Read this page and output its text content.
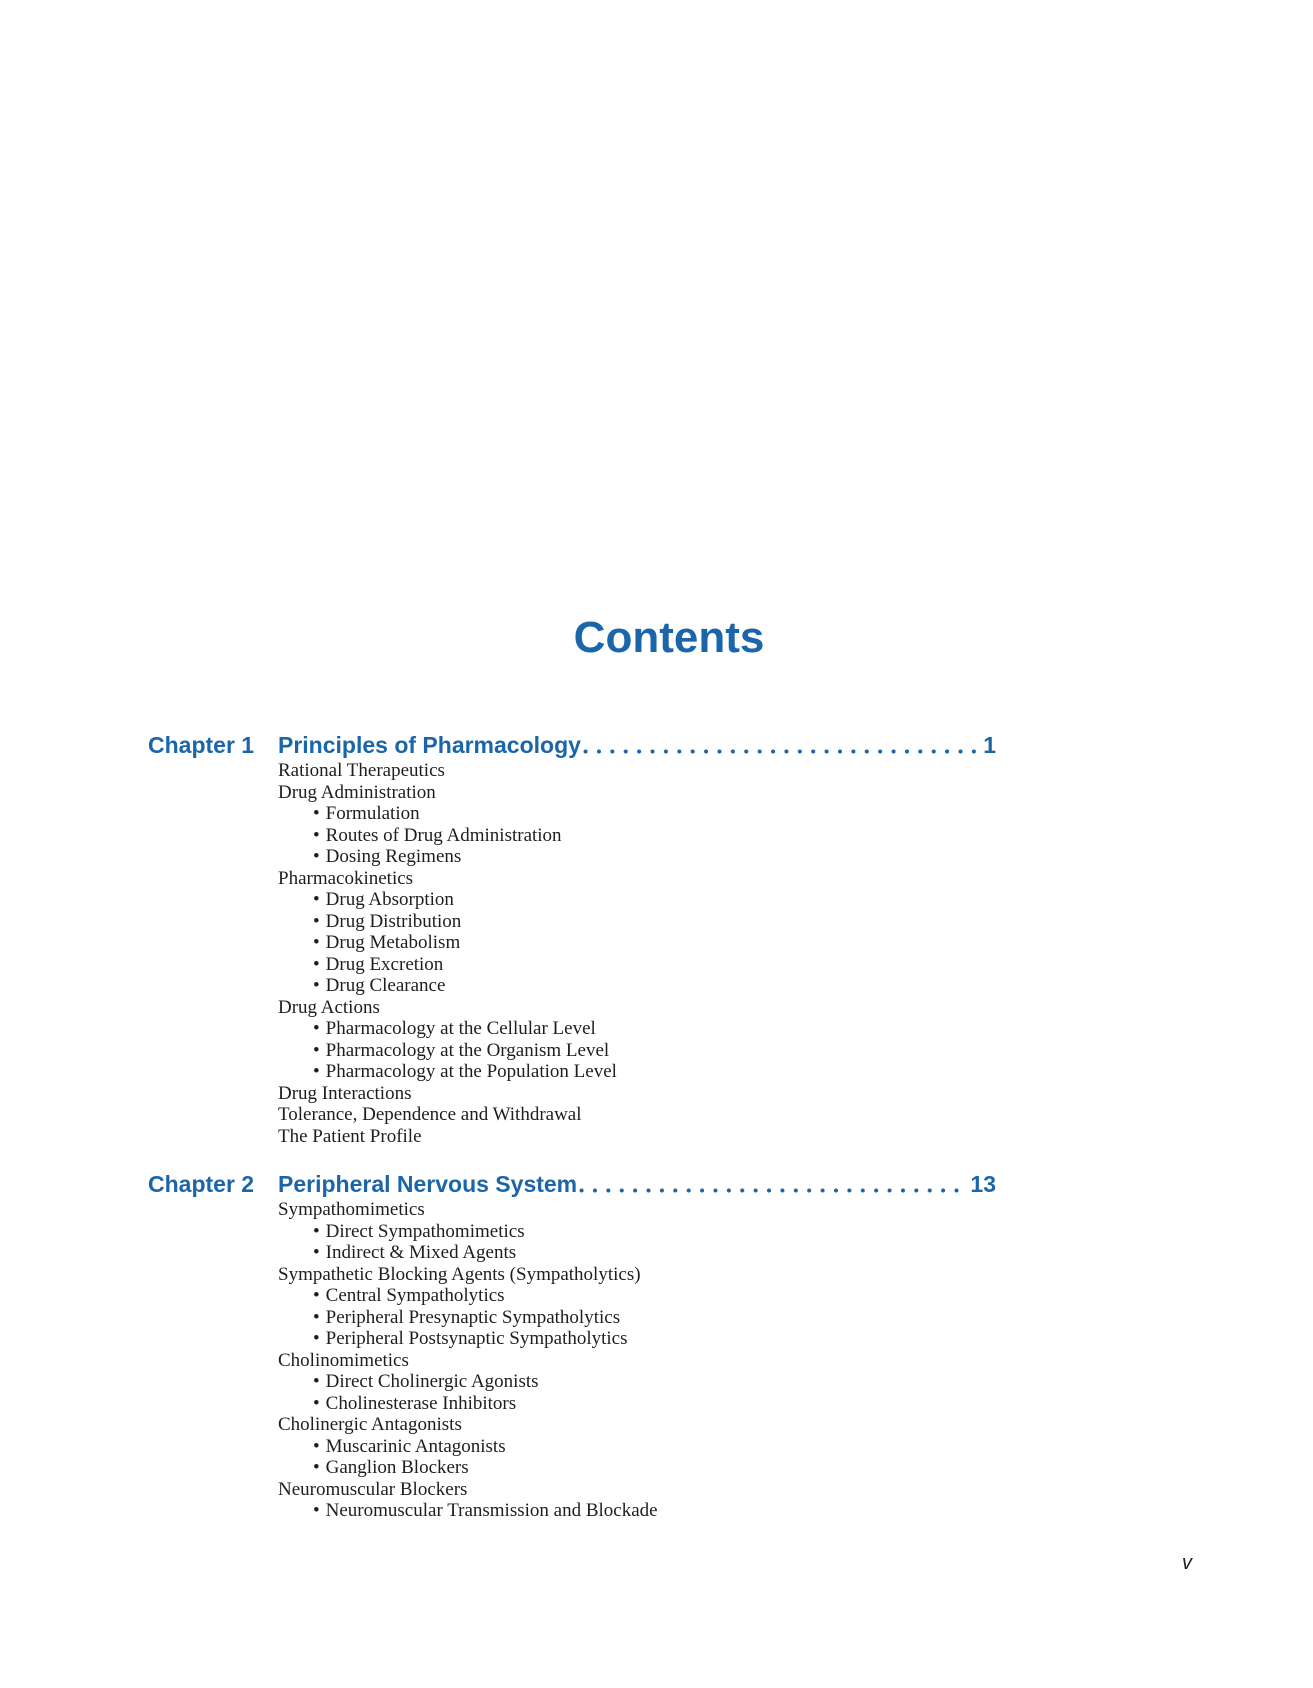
Contents
Chapter 1	Principles of Pharmacology	1
Rational Therapeutics
Drug Administration
• Formulation
• Routes of Drug Administration
• Dosing Regimens
Pharmacokinetics
• Drug Absorption
• Drug Distribution
• Drug Metabolism
• Drug Excretion
• Drug Clearance
Drug Actions
• Pharmacology at the Cellular Level
• Pharmacology at the Organism Level
• Pharmacology at the Population Level
Drug Interactions
Tolerance, Dependence and Withdrawal
The Patient Profile
Chapter 2	Peripheral Nervous System	13
Sympathomimetics
• Direct Sympathomimetics
• Indirect & Mixed Agents
Sympathetic Blocking Agents (Sympatholytics)
• Central Sympatholytics
• Peripheral Presynaptic Sympatholytics
• Peripheral Postsynaptic Sympatholytics
Cholinomimetics
• Direct Cholinergic Agonists
• Cholinesterase Inhibitors
Cholinergic Antagonists
• Muscarinic Antagonists
• Ganglion Blockers
Neuromuscular Blockers
• Neuromuscular Transmission and Blockade
v
